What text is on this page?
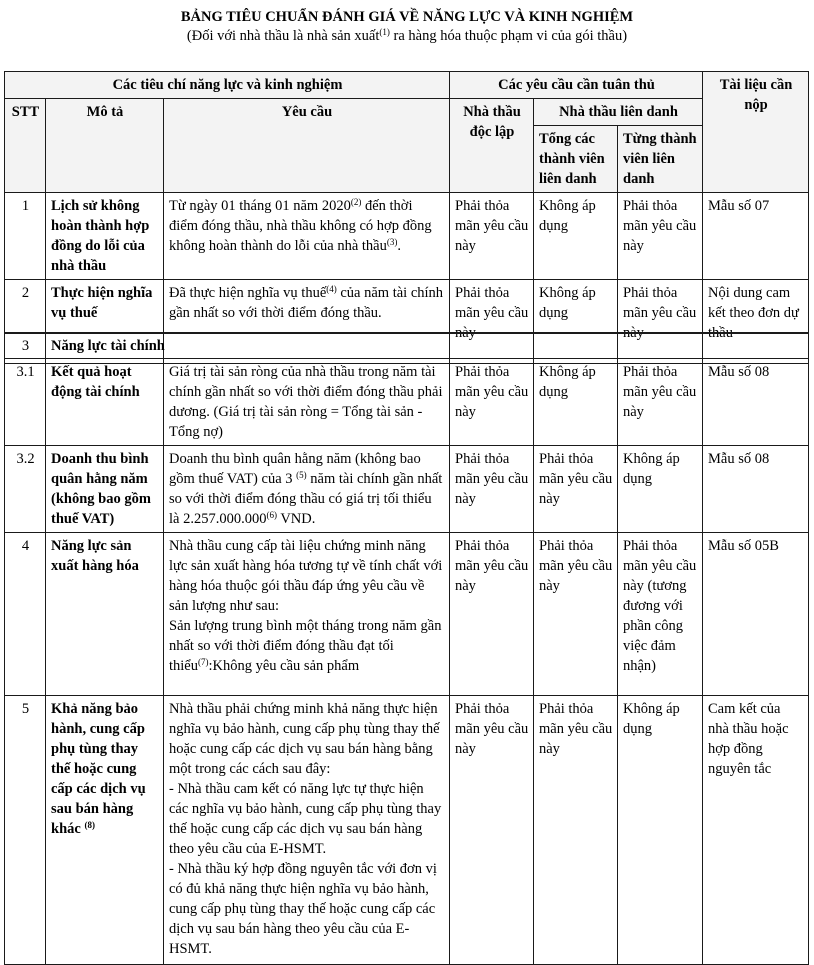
BẢNG TIÊU CHUẨN ĐÁNH GIÁ VỀ NĂNG LỰC VÀ KINH NGHIỆM
(Đối với nhà thầu là nhà sản xuất$^{(1)}$ ra hàng hóa thuộc phạm vi của gói thầu)
Các tiêu chí năng lực và kinh nghiệm			Các yêu cầu cần tuân thủ			Tài liệu cần nộp
STT	Mô tả	Yêu cầu	Nhà thầu độc lập	Nhà thầu liên danh		
				Tổng các thành viên liên danh	Từng thành viên liên danh	
1	Lịch sử không hoàn thành hợp đồng do lỗi của nhà thầu	Từ ngày 01 tháng 01 năm 2020$^{(2)}$ đến thời điểm đóng thầu, nhà thầu không có hợp đồng không hoàn thành do lỗi của nhà thầu$^{(3)}$.	Phải thỏa mãn yêu cầu này	Không áp dụng	Phải thỏa mãn yêu cầu này	Mẫu số 07
2	Thực hiện nghĩa vụ thuế	Đã thực hiện nghĩa vụ thuế$^{(4)}$ của năm tài chính gần nhất so với thời điểm đóng thầu.	Phải thỏa mãn yêu cầu này	Không áp dụng	Phải thỏa mãn yêu cầu này	Nội dung cam kết theo đơn dự thầu
3	Năng lực tài chính					
3.1	Kết quả hoạt động tài chính	Giá trị tài sản ròng của nhà thầu trong năm tài chính gần nhất so với thời điểm đóng thầu phải dương. (Giá trị tài sản ròng = Tổng tài sản - Tổng nợ)	Phải thỏa mãn yêu cầu này	Không áp dụng	Phải thỏa mãn yêu cầu này	Mẫu số 08
3.2	Doanh thu bình quân hằng năm (không bao gồm thuế VAT)	Doanh thu bình quân hằng năm (không bao gồm thuế VAT) của 3 $^{(5)}$ năm tài chính gần nhất so với thời điểm đóng thầu có giá trị tối thiểu là 2.257.000.000$^{(6)}$ VND.	Phải thỏa mãn yêu cầu này	Phải thỏa mãn yêu cầu này	Không áp dụng	Mẫu số 08
4	Năng lực sản xuất hàng hóa	Nhà thầu cung cấp tài liệu chứng minh năng lực sản xuất hàng hóa tương tự về tính chất với hàng hóa thuộc gói thầu đáp ứng yêu cầu về sản lượng như sau:
Sản lượng trung bình một tháng trong năm gần nhất so với thời điểm đóng thầu đạt tối thiểu$^{(7)}$:Không yêu cầu sản phẩm	Phải thỏa mãn yêu cầu này	Phải thỏa mãn yêu cầu này	Phải thỏa mãn yêu cầu này (tương đương với phần công việc đảm nhận)	Mẫu số 05B
5	Khả năng bảo hành, cung cấp phụ tùng thay thế hoặc cung cấp các dịch vụ sau bán hàng khác $^{(8)}$	Nhà thầu phải chứng minh khả năng thực hiện nghĩa vụ bảo hành, cung cấp phụ tùng thay thế hoặc cung cấp các dịch vụ sau bán hàng bằng một trong các cách sau đây:
- Nhà thầu cam kết có năng lực tự thực hiện các nghĩa vụ bảo hành, cung cấp phụ tùng thay thế hoặc cung cấp các dịch vụ sau bán hàng theo yêu cầu của E-HSMT.
- Nhà thầu ký hợp đồng nguyên tắc với đơn vị có đủ khả năng thực hiện nghĩa vụ bảo hành, cung cấp phụ tùng thay thế hoặc cung cấp các dịch vụ sau bán hàng theo yêu cầu của E-HSMT.	Phải thỏa mãn yêu cầu này	Phải thỏa mãn yêu cầu này	Không áp dụng	Cam kết của nhà thầu hoặc hợp đồng nguyên tắc
